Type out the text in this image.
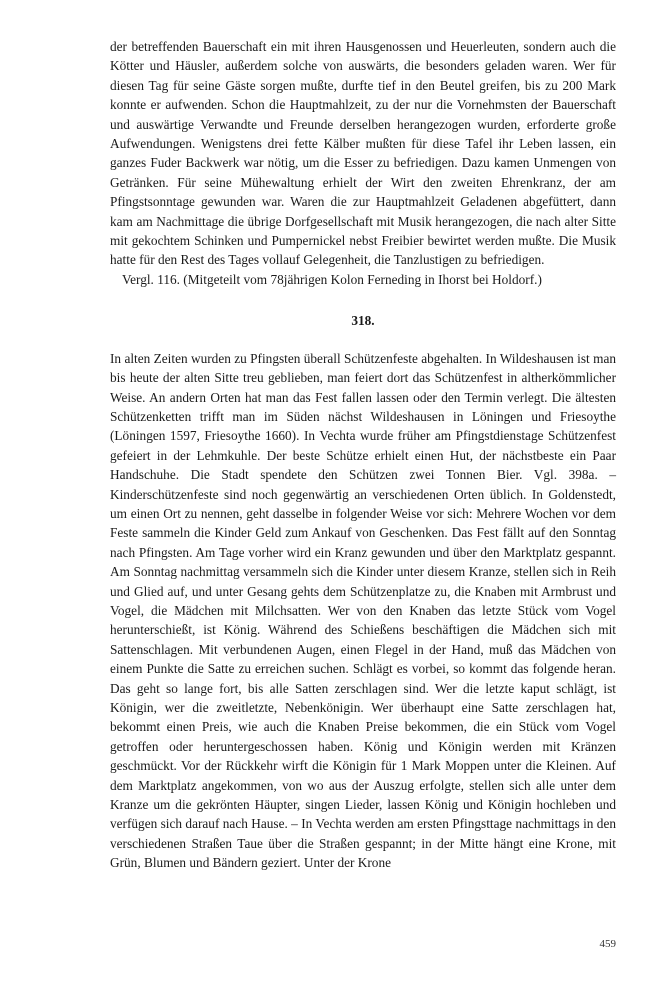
der betreffenden Bauerschaft ein mit ihren Hausgenossen und Heuerleuten, sondern auch die Kötter und Häusler, außerdem solche von auswärts, die besonders geladen waren. Wer für diesen Tag für seine Gäste sorgen mußte, durfte tief in den Beutel greifen, bis zu 200 Mark konnte er aufwenden. Schon die Hauptmahlzeit, zu der nur die Vornehmsten der Bauerschaft und auswärtige Verwandte und Freunde derselben herangezogen wurden, erforderte große Aufwendungen. Wenigstens drei fette Kälber mußten für diese Tafel ihr Leben lassen, ein ganzes Fuder Backwerk war nötig, um die Esser zu befriedigen. Dazu kamen Unmengen von Getränken. Für seine Mühewaltung erhielt der Wirt den zweiten Ehrenkranz, der am Pfingstsonntage gewunden war. Waren die zur Hauptmahlzeit Geladenen abgefüttert, dann kam am Nachmittage die übrige Dorfgesellschaft mit Musik herangezogen, die nach alter Sitte mit gekochtem Schinken und Pumpernickel nebst Freibier bewirtet werden mußte. Die Musik hatte für den Rest des Tages vollauf Gelegenheit, die Tanzlustigen zu befriedigen.

Vergl. 116. (Mitgeteilt vom 78jährigen Kolon Ferneding in Ihorst bei Holdorf.)

318.

In alten Zeiten wurden zu Pfingsten überall Schützenfeste abgehalten. In Wildeshausen ist man bis heute der alten Sitte treu geblieben, man feiert dort das Schützenfest in altherkömmlicher Weise. An andern Orten hat man das Fest fallen lassen oder den Termin verlegt. Die ältesten Schützenketten trifft man im Süden nächst Wildeshausen in Löningen und Friesoythe (Löningen 1597, Friesoythe 1660). In Vechta wurde früher am Pfingstdienstage Schützenfest gefeiert in der Lehmkuhle. Der beste Schütze erhielt einen Hut, der nächstbeste ein Paar Handschuhe. Die Stadt spendete den Schützen zwei Tonnen Bier. Vgl. 398a. – Kinderschützenfeste sind noch gegenwärtig an verschiedenen Orten üblich. In Goldenstedt, um einen Ort zu nennen, geht dasselbe in folgender Weise vor sich: Mehrere Wochen vor dem Feste sammeln die Kinder Geld zum Ankauf von Geschenken. Das Fest fällt auf den Sonntag nach Pfingsten. Am Tage vorher wird ein Kranz gewunden und über den Marktplatz gespannt. Am Sonntag nachmittag versammeln sich die Kinder unter diesem Kranze, stellen sich in Reih und Glied auf, und unter Gesang gehts dem Schützenplatze zu, die Knaben mit Armbrust und Vogel, die Mädchen mit Milchsatten. Wer von den Knaben das letzte Stück vom Vogel herunterschießt, ist König. Während des Schießens beschäftigen die Mädchen sich mit Sattenschlagen. Mit verbundenen Augen, einen Flegel in der Hand, muß das Mädchen von einem Punkte die Satte zu erreichen suchen. Schlägt es vorbei, so kommt das folgende heran. Das geht so lange fort, bis alle Satten zerschlagen sind. Wer die letzte kaput schlägt, ist Königin, wer die zweitletzte, Nebenkönigin. Wer überhaupt eine Satte zerschlagen hat, bekommt einen Preis, wie auch die Knaben Preise bekommen, die ein Stück vom Vogel getroffen oder heruntergeschossen haben. König und Königin werden mit Kränzen geschmückt. Vor der Rückkehr wirft die Königin für 1 Mark Moppen unter die Kleinen. Auf dem Marktplatz angekommen, von wo aus der Auszug erfolgte, stellen sich alle unter dem Kranze um die gekrönten Häupter, singen Lieder, lassen König und Königin hochleben und verfügen sich darauf nach Hause. – In Vechta werden am ersten Pfingsttage nachmittags in den verschiedenen Straßen Taue über die Straßen gespannt; in der Mitte hängt eine Krone, mit Grün, Blumen und Bändern geziert. Unter der Krone

459
